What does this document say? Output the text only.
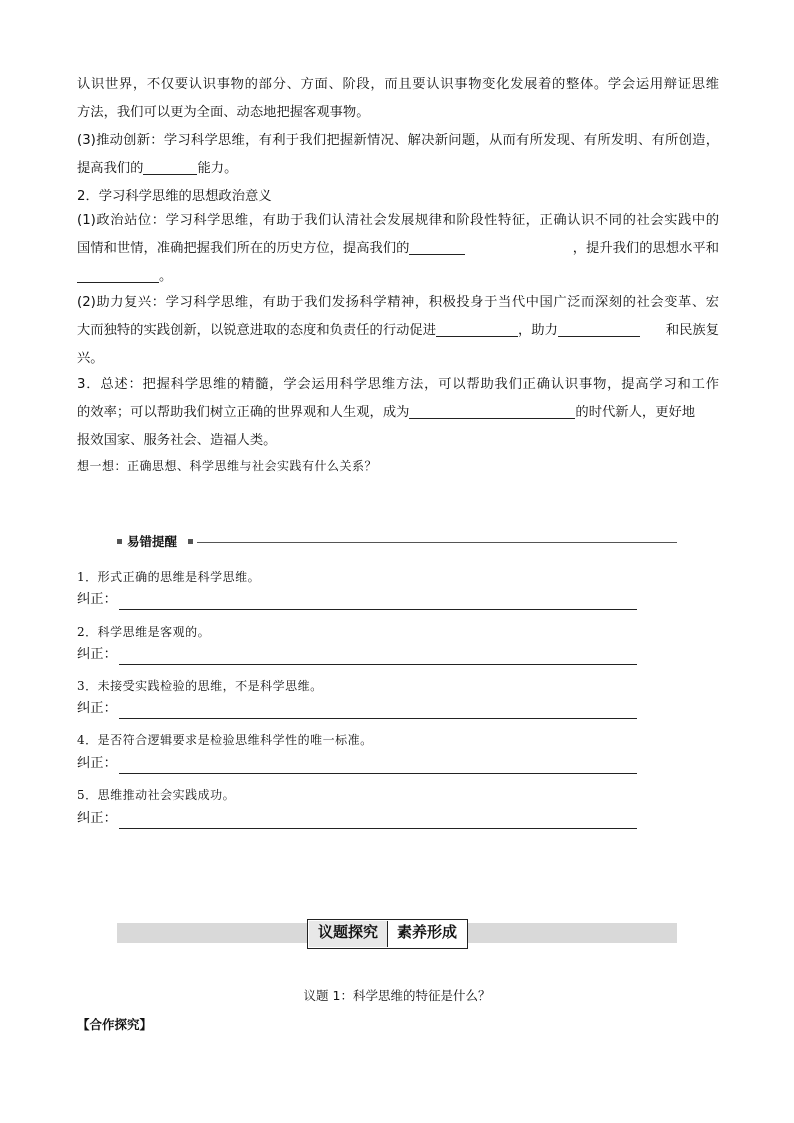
认识世界，不仅要认识事物的部分、方面、阶段，而且要认识事物变化发展着的整体。学会运用辩证思维
方法，我们可以更为全面、动态地把握客观事物。
(3)推动创新：学习科学思维，有利于我们把握新情况、解决新问题，从而有所发现、有所发明、有所创造，
提高我们的	能力。
2．学习科学思维的思想政治意义
(1)政治站位：学习科学思维，有助于我们认清社会发展规律和阶段性特征，正确认识不同的社会实践中的
国情和世情，准确把握我们所在的历史方位，提高我们的	，提升我们的思想水平和
。
(2)助力复兴：学习科学思维，有助于我们发扬科学精神，积极投身于当代中国广泛而深刻的社会变革、宏
大而独特的实践创新，以锐意进取的态度和负责任的行动促进	，助力	和民族复
兴。
3．总述：把握科学思维的精髓，学会运用科学思维方法，可以帮助我们正确认识事物，提高学习和工作
的效率；可以帮助我们树立正确的世界观和人生观，成为	的时代新人，更好地
报效国家、服务社会、造福人类。
想一想：正确思想、科学思维与社会实践有什么关系？
易错提醒
1．形式正确的思维是科学思维。
纠正：
2．科学思维是客观的。
纠正：
3．未接受实践检验的思维，不是科学思维。
纠正：
4．是否符合逻辑要求是检验思维科学性的唯一标准。
纠正：
5．思维推动社会实践成功。
纠正：
议题探究	素养形成
议题 1：科学思维的特征是什么？
【合作探究】
